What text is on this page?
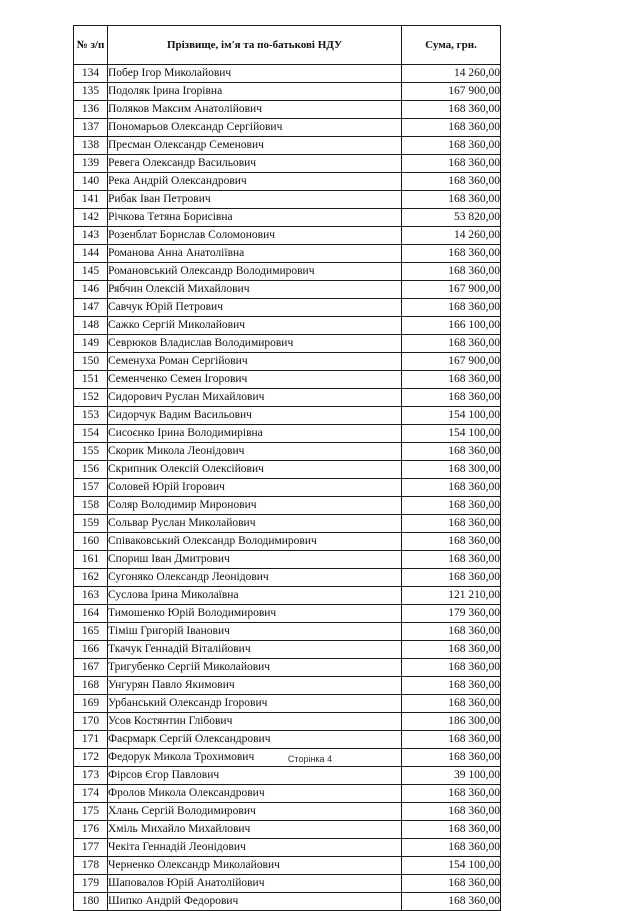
№ з/п	Прізвище, ім'я та по-батькові НДУ	Сума, грн.
134	Побер Ігор Миколайович	14 260,00
135	Подоляк Ірина Ігорівна	167 900,00
136	Поляков Максим Анатолійович	168 360,00
137	Пономарьов Олександр Сергійович	168 360,00
138	Пресман Олександр Семенович	168 360,00
139	Ревега Олександр Васильович	168 360,00
140	Река Андрій Олександрович	168 360,00
141	Рибак Іван Петрович	168 360,00
142	Річкова Тетяна Борисівна	53 820,00
143	Розенблат Борислав Соломонович	14 260,00
144	Романова Анна Анатоліївна	168 360,00
145	Романовський Олександр Володимирович	168 360,00
146	Рябчин Олексій Михайлович	167 900,00
147	Савчук Юрій Петрович	168 360,00
148	Сажко Сергій Миколайович	166 100,00
149	Севрюков Владислав Володимирович	168 360,00
150	Семенуха Роман Сергійович	167 900,00
151	Семенченко Семен Ігорович	168 360,00
152	Сидорович Руслан Михайлович	168 360,00
153	Сидорчук Вадим Васильович	154 100,00
154	Сисоєнко Ірина Володимирівна	154 100,00
155	Скорик Микола Леонідович	168 360,00
156	Скрипник Олексій Олексійович	168 300,00
157	Соловей Юрій Ігорович	168 360,00
158	Соляр Володимир Миронович	168 360,00
159	Сольвар Руслан Миколайович	168 360,00
160	Співаковський Олександр Володимирович	168 360,00
161	Спориш Іван Дмитрович	168 360,00
162	Сугоняко Олександр Леонідович	168 360,00
163	Суслова Ірина Миколаївна	121 210,00
164	Тимошенко Юрій Володимирович	179 360,00
165	Тіміш Григорій Іванович	168 360,00
166	Ткачук Геннадій Віталійович	168 360,00
167	Тригубенко Сергій Миколайович	168 360,00
168	Унгурян Павло Якимович	168 360,00
169	Урбанський Олександр Ігорович	168 360,00
170	Усов Костянтин Глібович	186 300,00
171	Фаєрмарк Сергій Олександрович	168 360,00
172	Федорук Микола Трохимович	168 360,00
173	Фірсов Єгор Павлович	39 100,00
174	Фролов Микола Олександрович	168 360,00
175	Хлань Сергій Володимирович	168 360,00
176	Хміль Михайло Михайлович	168 360,00
177	Чекіта Геннадій Леонідович	168 360,00
178	Черненко Олександр Миколайович	154 100,00
179	Шаповалов Юрій Анатолійович	168 360,00
180	Шипко Андрій Федорович	168 360,00
Сторінка 4
